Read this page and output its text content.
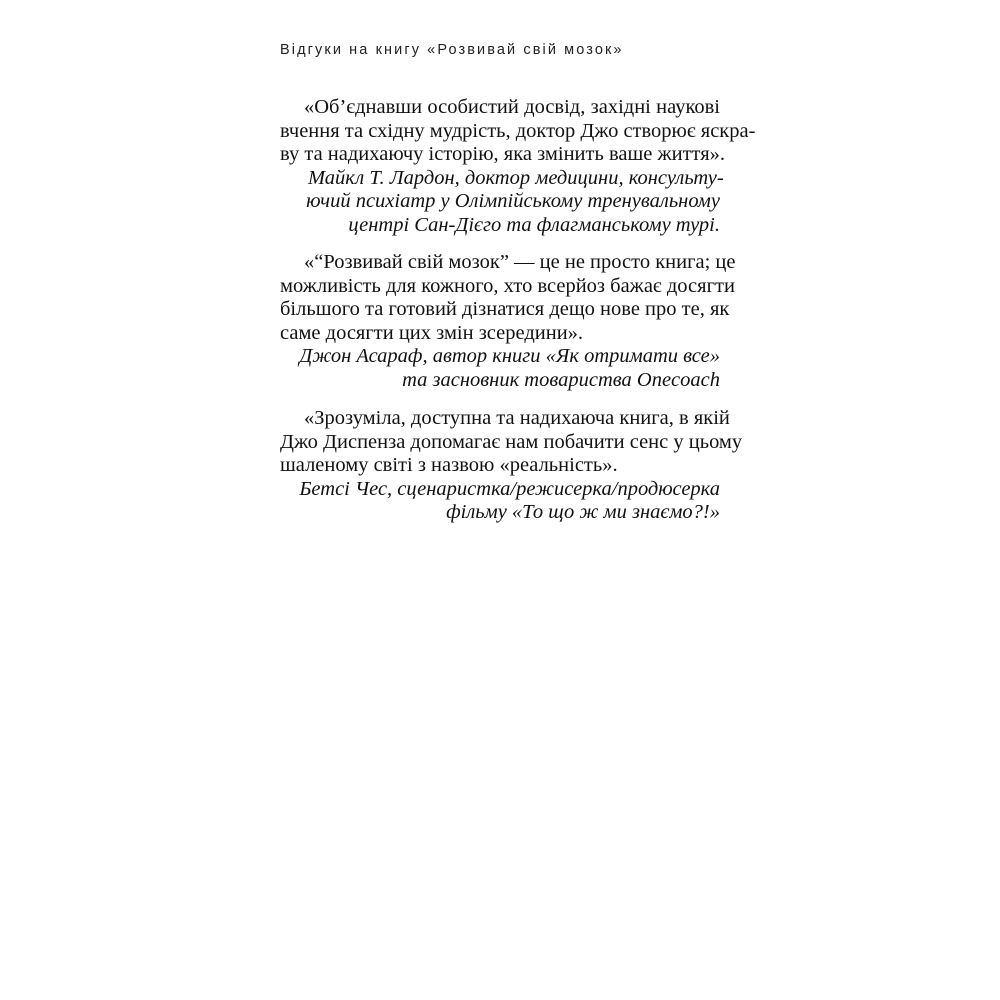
Відгуки на книгу «Розвивай свій мозок»
«Об’єднавши особистий досвід, західні наукові
вчення та східну мудрість, доктор Джо створює яскра-
ву та надихаючу історію, яка змінить ваше життя».
Майкл Т. Лардон, доктор медицини, консульту-
ючий психіатр у Олімпійському тренувальному
центрі Сан-Дієго та флагманському турі.
«“Розвивай свій мозок” — це не просто книга; це
можливість для кожного, хто всерйоз бажає досягти
більшого та готовий дізнатися дещо нове про те, як
саме досягти цих змін зсередини».
Джон Асараф, автор книги «Як отримати все»
та засновник товариства Onecoach
«Зрозуміла, доступна та надихаюча книга, в якій
Джо Диспенза допомагає нам побачити сенс у цьому
шаленому світі з назвою «реальність».
Бетсі Чес, сценаристка/режисерка/продюсерка
фільму «То що ж ми знаємо?!»
